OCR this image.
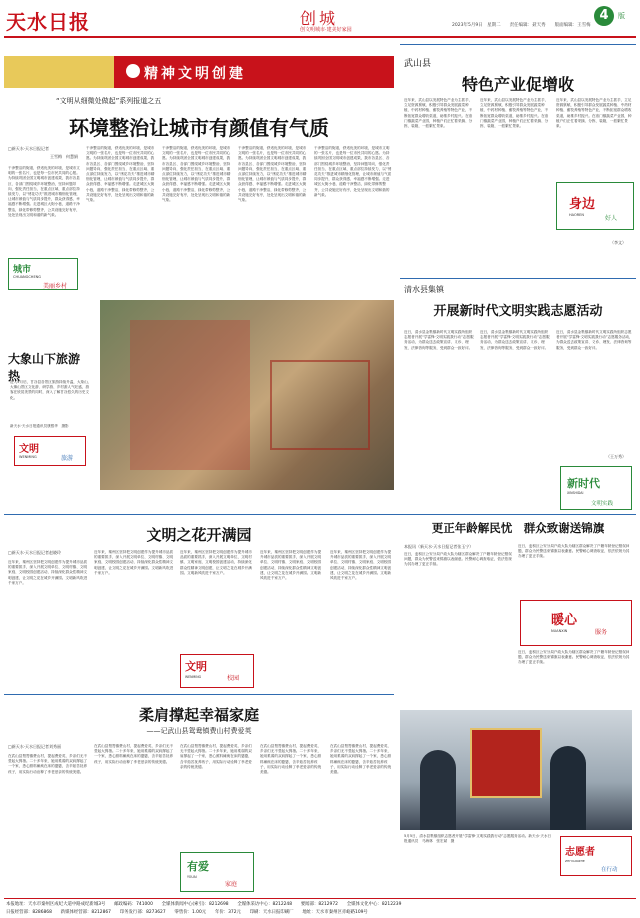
天水日报	创城
创文明城市·建美好家园
2023年5月9日　星期二　　责任编辑：聂天秀　　版面编辑：王雪梅
4	版
精神文明创建
“文明从细微处做起”系列报道之五
环境整治让城市有颜值有气质
□新天水·天水日报记者
王雪梅　何慧娟
干净整洁的街道，舒适优美的环境，是城市文明的一张名片，也是每一位市民共同的心愿。为持续巩固全国文明城市创建成果，我市各县区、各部门围绕城乡环境整治，坚持问题导向，强化责任担当，在重点区域、重点部位持续发力，以“绣花功夫”推进城市精细化管理，让城市颜值与气质同步提升，群众获得感、幸福感不断增强。走进城区大街小巷，道路干净整洁，绿化带修剪整齐，公共设施完好有序，处处呈现出文明和谐的新气象。
干净整洁的街道，舒适优美的环境，是城市文明的一张名片，也是每一位市民共同的心愿。为持续巩固全国文明城市创建成果，我市各县区、各部门围绕城乡环境整治，坚持问题导向，强化责任担当，在重点区域、重点部位持续发力，以“绣花功夫”推进城市精细化管理，让城市颜值与气质同步提升，群众获得感、幸福感不断增强。走进城区大街小巷，道路干净整洁，绿化带修剪整齐，公共设施完好有序，处处呈现出文明和谐的新气象。
干净整洁的街道，舒适优美的环境，是城市文明的一张名片，也是每一位市民共同的心愿。为持续巩固全国文明城市创建成果，我市各县区、各部门围绕城乡环境整治，坚持问题导向，强化责任担当，在重点区域、重点部位持续发力，以“绣花功夫”推进城市精细化管理，让城市颜值与气质同步提升，群众获得感、幸福感不断增强。走进城区大街小巷，道路干净整洁，绿化带修剪整齐，公共设施完好有序，处处呈现出文明和谐的新气象。
干净整洁的街道，舒适优美的环境，是城市文明的一张名片，也是每一位市民共同的心愿。为持续巩固全国文明城市创建成果，我市各县区、各部门围绕城乡环境整治，坚持问题导向，强化责任担当，在重点区域、重点部位持续发力，以“绣花功夫”推进城市精细化管理，让城市颜值与气质同步提升，群众获得感、幸福感不断增强。走进城区大街小巷，道路干净整洁，绿化带修剪整齐，公共设施完好有序，处处呈现出文明和谐的新气象。
干净整洁的街道，舒适优美的环境，是城市文明的一张名片，也是每一位市民共同的心愿。为持续巩固全国文明城市创建成果，我市各县区、各部门围绕城乡环境整治，坚持问题导向，强化责任担当，在重点区域、重点部位持续发力，以“绣花功夫”推进城市精细化管理，让城市颜值与气质同步提升，群众获得感、幸福感不断增强。走进城区大街小巷，道路干净整洁，绿化带修剪整齐，公共设施完好有序，处处呈现出文明和谐的新气象。
城市
CHUANGCHENG
美丽乡村
大象山下旅游热
进入5月后，甘谷县各景区旅游持续升温，大象山、大像山景区文化游、研学游、乡村游人气旺盛，游客在欣赏美景的同时，深入了解甘谷悠久的历史文化。
新天水·天水日报通讯员康银华　摄影
文明
WENMING	旅游
武山县
特色产业促增收
近年来，武山县以发展特色产业为主抓手，立足资源禀赋，积极引导群众发展蔬菜种植、中药材种植、畜牧养殖等特色产业，不断拓宽群众增收渠道，助推乡村振兴。在洛门镇蔬菜产业园，种植户们正忙着采摘、分拣、装箱，一派繁忙景象。
近年来，武山县以发展特色产业为主抓手，立足资源禀赋，积极引导群众发展蔬菜种植、中药材种植、畜牧养殖等特色产业，不断拓宽群众增收渠道，助推乡村振兴。在洛门镇蔬菜产业园，种植户们正忙着采摘、分拣、装箱，一派繁忙景象。
近年来，武山县以发展特色产业为主抓手，立足资源禀赋，积极引导群众发展蔬菜种植、中药材种植、畜牧养殖等特色产业，不断拓宽群众增收渠道，助推乡村振兴。在洛门镇蔬菜产业园，种植户们正忙着采摘、分拣、装箱，一派繁忙景象。
（李文）
身边
HAOREN	好人
清水县集镇
开展新时代文明实践志愿活动
近日，清水县金集镇新时代文明实践所组织志愿者开展“学雷锋·文明实践我行动”志愿服务活动，为群众送去政策宣讲、义诊、理发、法律咨询等服务，受到群众一致好评。
近日，清水县金集镇新时代文明实践所组织志愿者开展“学雷锋·文明实践我行动”志愿服务活动，为群众送去政策宣讲、义诊、理发、法律咨询等服务，受到群众一致好评。
近日，清水县金集镇新时代文明实践所组织志愿者开展“学雷锋·文明实践我行动”志愿服务活动，为群众送去政策宣讲、义诊、理发、法律咨询等服务，受到群众一致好评。
（王万秀）
新时代
XINSHIDAI
文明实践
文明之花开满园
□新天水·天水日报记者赵晓玲
近年来，秦州区坚持把文明创建作为提升城市品质的重要抓手，深入开展文明单位、文明村镇、文明家庭、文明校园创建活动，持续深化群众性精神文明创建，让文明之花在城乡开满园。文明新风吹进千家万户。
近年来，秦州区坚持把文明创建作为提升城市品质的重要抓手，深入开展文明单位、文明村镇、文明家庭、文明校园创建活动，持续深化群众性精神文明创建，让文明之花在城乡开满园。文明新风吹进千家万户。
近年来，秦州区坚持把文明创建作为提升城市品质的重要抓手，深入开展文明单位、文明村镇、文明家庭、文明校园创建活动，持续深化群众性精神文明创建，让文明之花在城乡开满园。文明新风吹进千家万户。
近年来，秦州区坚持把文明创建作为提升城市品质的重要抓手，深入开展文明单位、文明村镇、文明家庭、文明校园创建活动，持续深化群众性精神文明创建，让文明之花在城乡开满园。文明新风吹进千家万户。
近年来，秦州区坚持把文明创建作为提升城市品质的重要抓手，深入开展文明单位、文明村镇、文明家庭、文明校园创建活动，持续深化群众性精神文明创建，让文明之花在城乡开满园。文明新风吹进千家万户。
文明
WENMING	校园
柔肩撑起幸福家庭
——记武山县鸳鸯镇费山村费爱英
□新天水·天水日报记者刘秀丽
在武山县鸳鸯镇费山村，提起费爱英，乡亲们无不竖起大拇指。二十多年来，她用柔弱的双肩撑起了一个家，悉心照料瘫痪在床的婆婆，含辛茹苦抚养孩子，用实际行动诠释了孝老爱亲的传统美德。
在武山县鸳鸯镇费山村，提起费爱英，乡亲们无不竖起大拇指。二十多年来，她用柔弱的双肩撑起了一个家，悉心照料瘫痪在床的婆婆，含辛茹苦抚养孩子，用实际行动诠释了孝老爱亲的传统美德。
在武山县鸳鸯镇费山村，提起费爱英，乡亲们无不竖起大拇指。二十多年来，她用柔弱的双肩撑起了一个家，悉心照料瘫痪在床的婆婆，含辛茹苦抚养孩子，用实际行动诠释了孝老爱亲的传统美德。
在武山县鸳鸯镇费山村，提起费爱英，乡亲们无不竖起大拇指。二十多年来，她用柔弱的双肩撑起了一个家，悉心照料瘫痪在床的婆婆，含辛茹苦抚养孩子，用实际行动诠释了孝老爱亲的传统美德。
在武山县鸳鸯镇费山村，提起费爱英，乡亲们无不竖起大拇指。二十多年来，她用柔弱的双肩撑起了一个家，悉心照料瘫痪在床的婆婆，含辛茹苦抚养孩子，用实际行动诠释了孝老爱亲的传统美德。
有爱
YOUAI
家庭
更正年龄解民忧　群众致谢送锦旗
本报讯（新天水·天水日报记者张玉宁）
近日，麦积区公安分局户政大队为辖区群众解决了户籍年龄登记错误问题，群众为民警送来锦旗以表谢意。民警耐心调查取证，依法依规为其办理了更正手续。
近日，麦积区公安分局户政大队为辖区群众解决了户籍年龄登记错误问题，群众为民警送来锦旗以表谢意。民警耐心调查取证，依法依规为其办理了更正手续。
暖心
NUANXIN	服务
近日，麦积区公安分局户政大队为辖区群众解决了户籍年龄登记错误问题，群众为民警送来锦旗以表谢意。民警耐心调查取证，依法依规为其办理了更正手续。
5月5日，清水县集镇组织志愿者开展“学雷锋·文明实践我行动”志愿服务活动。新天水·天水日报通讯员　马海林　张宏斌　摄
志愿者
ZHIYUANZHE
在行动
本报地址：天水市秦州区成纪大道中路成纪新城3号　　邮政编码：741000　　全媒体新闻中心(索引)：8212698　　全媒体采访中心：8212248　　要闻部：8212972　　全媒体文化中心：8212239
日报经营部：8286868　　新媒体经营部：8212867　　印务发行部：8273627　　零售价：1.00元　　年价：372元　　印刷：天水日报印刷厂　　地址：天水市秦州区赤峪路109号
